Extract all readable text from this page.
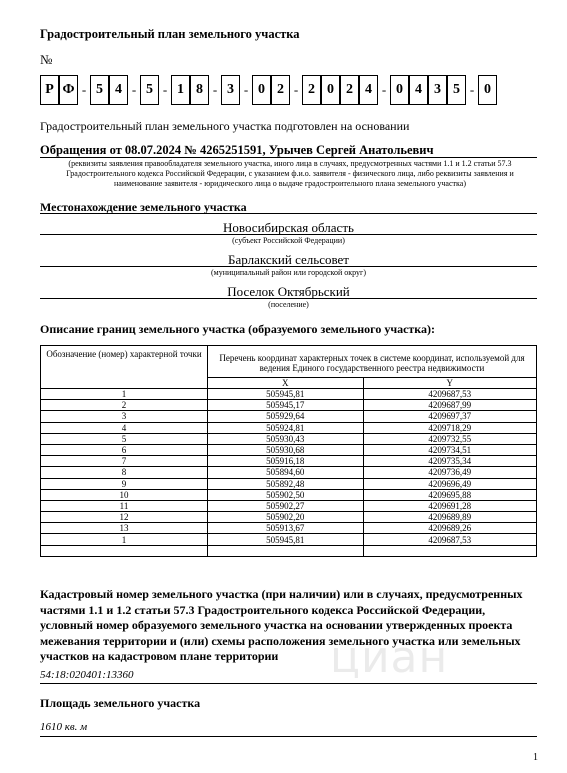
Градостроительный план земельного участка
№
Р Ф - 5 4 - 5 - 1 8 - 3 - 0 2 - 2 0 2 4 - 0 4 3 5 - 0
Градостроительный план земельного участка подготовлен на основании
Обращения от 08.07.2024 № 4265251591, Урычев Сергей Анатольевич
(реквизиты заявления правообладателя земельного участка, иного лица в случаях, предусмотренных частями 1.1 и 1.2 статьи 57.3 Градостроительного кодекса Российской Федерации, с указанием ф.и.о. заявителя - физического лица, либо реквизиты заявления и наименование заявителя - юридического лица о выдаче градостроительного плана земельного участка)
Местонахождение земельного участка
Новосибирская область
(субъект Российской Федерации)
Барлакский сельсовет
(муниципальный район или городской округ)
Поселок Октябрьский
(поселение)
Описание границ земельного участка (образуемого земельного участка):
Обозначение (номер) характерной точки	Перечень координат характерных точек в системе координат, используемой для ведения Единого государственного реестра недвижимости	
	X	Y
1	505945,81	4209687,53
2	505945,17	4209687,99
3	505929,64	4209697,37
4	505924,81	4209718,29
5	505930,43	4209732,55
6	505930,68	4209734,51
7	505916,18	4209735,34
8	505894,60	4209736,49
9	505892,48	4209696,49
10	505902,50	4209695,88
11	505902,27	4209691,28
12	505902,20	4209689,89
13	505913,67	4209689,26
1	505945,81	4209687,53

Кадастровый номер земельного участка (при наличии) или в случаях, предусмотренных частями 1.1 и 1.2 статьи 57.3 Градостроительного кодекса Российской Федерации, условный номер образуемого земельного участка на основании утвержденных проекта межевания территории и (или) схемы расположения земельного участка или земельных участков на кадастровом плане территории
54:18:020401:13360
Площадь земельного участка
1610 кв. м
1
циан
